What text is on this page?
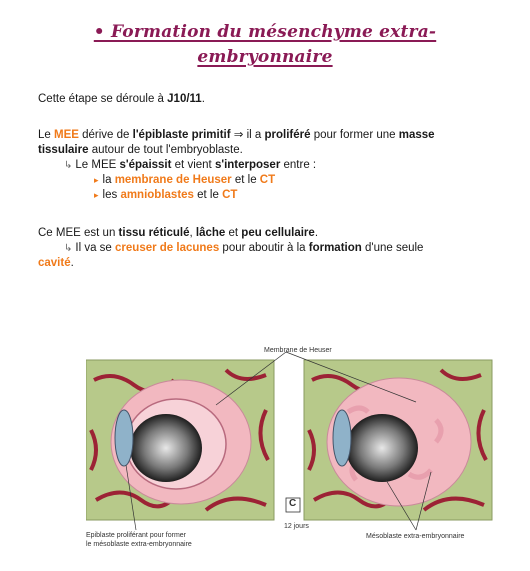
• Formation du mésenchyme extra-
embryonnaire
Cette étape se déroule à J10/11.
Le MEE dérive de l'épiblaste primitif ⇒ il a proliféré pour former une masse
tissulaire autour de tout l'embryoblaste.
↳ Le MEE s'épaissit et vient s'interposer entre :
▸ la membrane de Heuser et le CT
▸ les amnioblastes et le CT
Ce MEE est un tissu réticulé, lâche et peu cellulaire.
↳ Il va se creuser de lacunes pour aboutir à la formation d'une seule
cavité.
Membrane de Heuser
C
12 jours
Epiblaste proliférant pour former
le mésoblaste extra-embryonnaire
Mésoblaste extra-embryonnaire
